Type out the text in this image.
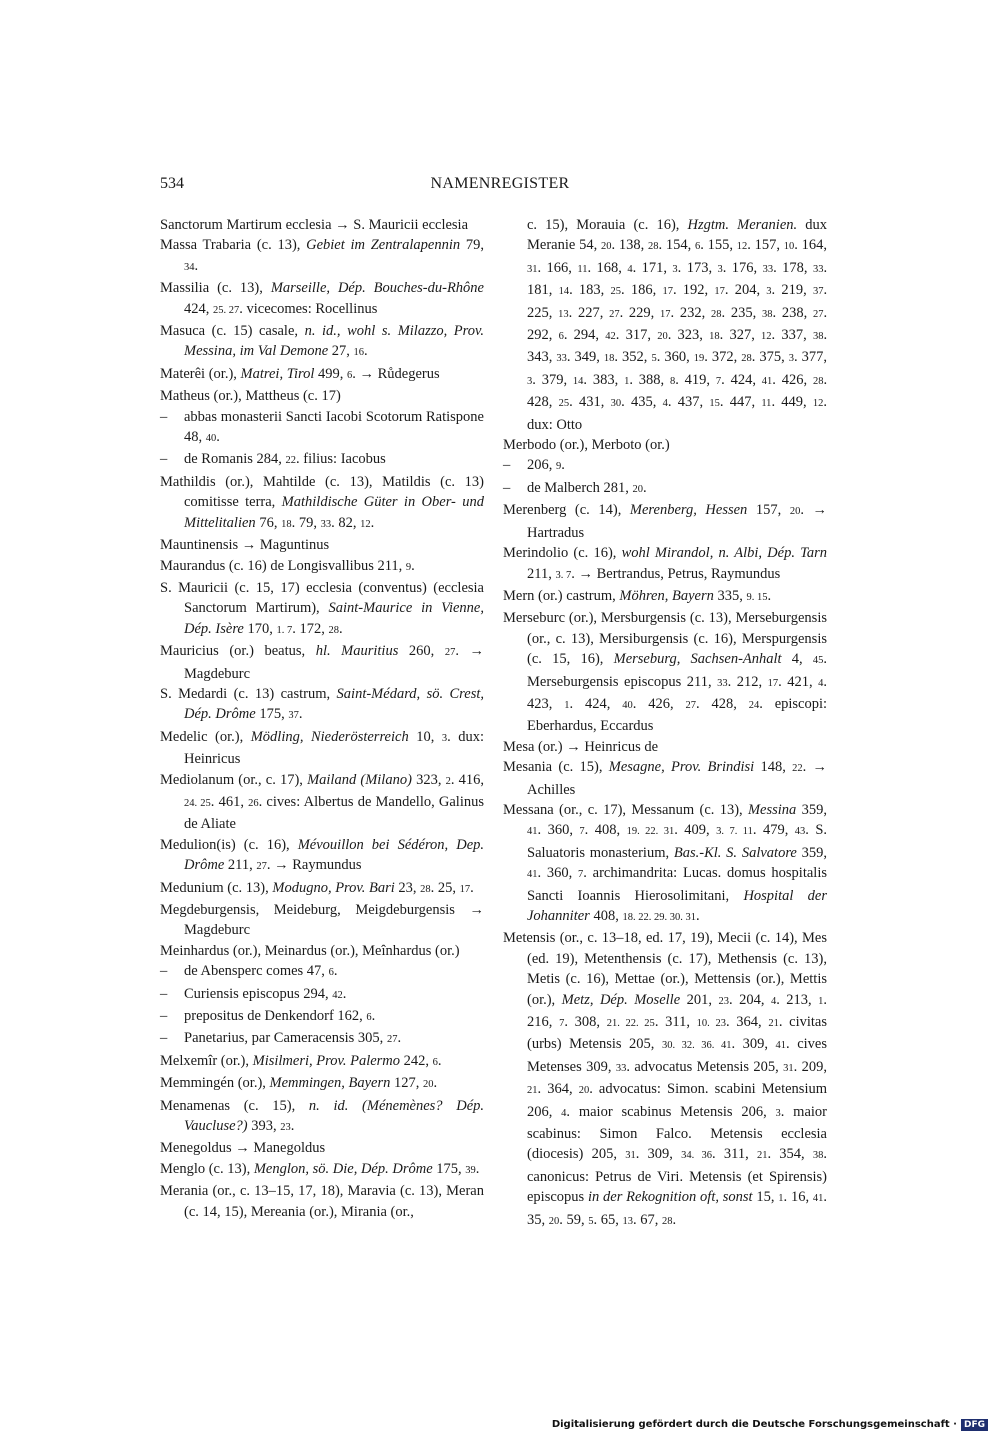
534	NAMENREGISTER
Sanctorum Martirum ecclesia → S. Mauricii ecclesia
Massa Trabaria (c. 13), Gebiet im Zentralapennin 79, 34.
Massilia (c. 13), Marseille, Dép. Bouches-du-Rhône 424, 25. 27. vicecomes: Rocellinus
Masuca (c. 15) casale, n. id., wohl s. Milazzo, Prov. Messina, im Val Demone 27, 16.
Materêi (or.), Matrei, Tirol 499, 6. → Růdegerus
Matheus (or.), Mattheus (c. 17)
– abbas monasterii Sancti Iacobi Scotorum Ratispone 48, 40.
– de Romanis 284, 22. filius: Iacobus
Mathildis (or.), Mahtilde (c. 13), Matildis (c. 13) comitisse terra, Mathildische Güter in Ober- und Mittelitalien 76, 18. 79, 33. 82, 12.
Mauntinensis → Maguntinus
Maurandus (c. 16) de Longisvallibus 211, 9.
S. Mauricii (c. 15, 17) ecclesia (conventus) (ecclesia Sanctorum Martirum), Saint-Maurice in Vienne, Dép. Isère 170, 1. 7. 172, 28.
Mauricius (or.) beatus, hl. Mauritius 260, 27. → Magdeburc
S. Medardi (c. 13) castrum, Saint-Médard, sö. Crest, Dép. Drôme 175, 37.
Medelic (or.), Mödling, Niederösterreich 10, 3. dux: Heinricus
Mediolanum (or., c. 17), Mailand (Milano) 323, 2. 416, 24. 25. 461, 26. cives: Albertus de Mandello, Galinus de Aliate
Medulion(is) (c. 16), Mévouillon bei Sédéron, Dep. Drôme 211, 27. → Raymundus
Medunium (c. 13), Modugno, Prov. Bari 23, 28. 25, 17.
Megdeburgensis, Meideburg, Meigdeburgensis → Magdeburc
Meinhardus (or.), Meinardus (or.), Meînhardus (or.)
– de Abensperc comes 47, 6.
– Curiensis episcopus 294, 42.
– prepositus de Denkendorf 162, 6.
– Panetarius, par Cameracensis 305, 27.
Melxemîr (or.), Misilmeri, Prov. Palermo 242, 6.
Memmingén (or.), Memmingen, Bayern 127, 20.
Menamenas (c. 15), n. id. (Ménemènes? Dép. Vaucluse?) 393, 23.
Menegoldus → Manegoldus
Menglo (c. 13), Menglon, sö. Die, Dép. Drôme 175, 39.
Merania (or., c. 13–15, 17, 18), Maravia (c. 13), Meran (c. 14, 15), Mereania (or.), Mirania (or.,
c. 15), Morauia (c. 16), Hzgtm. Meranien. dux Meranie 54, 20. 138, 28. 154, 6. 155, 12. 157, 10. 164, 31. 166, 11. 168, 4. 171, 3. 173, 3. 176, 33. 178, 33. 181, 14. 183, 25. 186, 17. 192, 17. 204, 3. 219, 37. 225, 13. 227, 27. 229, 17. 232, 28. 235, 38. 238, 27. 292, 6. 294, 42. 317, 20. 323, 18. 327, 12. 337, 38. 343, 33. 349, 18. 352, 5. 360, 19. 372, 28. 375, 3. 377, 3. 379, 14. 383, 1. 388, 8. 419, 7. 424, 41. 426, 28. 428, 25. 431, 30. 435, 4. 437, 15. 447, 11. 449, 12. dux: Otto
Merbodo (or.), Merboto (or.)
– 206, 9.
– de Malberch 281, 20.
Merenberg (c. 14), Merenberg, Hessen 157, 20. → Hartradus
Merindolio (c. 16), wohl Mirandol, n. Albi, Dép. Tarn 211, 3. 7. → Bertrandus, Petrus, Raymundus
Mern (or.) castrum, Möhren, Bayern 335, 9. 15.
Merseburc (or.), Mersburgensis (c. 13), Merseburgensis (or., c. 13), Mersiburgensis (c. 16), Merspurgensis (c. 15, 16), Merseburg, Sachsen-Anhalt 4, 45. Merseburgensis episcopus 211, 33. 212, 17. 421, 4. 423, 1. 424, 40. 426, 27. 428, 24. episcopi: Eberhardus, Eccardus
Mesa (or.) → Heinricus de
Mesania (c. 15), Mesagne, Prov. Brindisi 148, 22. → Achilles
Messana (or., c. 17), Messanum (c. 13), Messina 359, 41. 360, 7. 408, 19. 22. 31. 409, 3. 7. 11. 479, 43. S. Saluatoris monasterium, Bas.-Kl. S. Salvatore 359, 41. 360, 7. archimandrita: Lucas. domus hospitalis Sancti Ioannis Hierosolimitani, Hospital der Johanniter 408, 18. 22. 29. 30. 31.
Metensis (or., c. 13–18, ed. 17, 19), Mecii (c. 14), Mes (ed. 19), Metenthensis (c. 17), Methensis (c. 13), Metis (c. 16), Mettae (or.), Mettensis (or.), Mettis (or.), Metz, Dép. Moselle 201, 23. 204, 4. 213, 1. 216, 7. 308, 21. 22. 25. 311, 10. 23. 364, 21. civitas (urbs) Metensis 205, 30. 32. 36. 41. 309, 41. cives Metenses 309, 33. advocatus Metensis 205, 31. 209, 21. 364, 20. advocatus: Simon. scabini Metensium 206, 4. maior scabinus Metensis 206, 3. maior scabinus: Simon Falco. Metensis ecclesia (diocesis) 205, 31. 309, 34. 36. 311, 21. 354, 38. canonicus: Petrus de Viri. Metensis (et Spirensis) episcopus in der Rekognition oft, sonst 15, 1. 16, 41. 35, 20. 59, 5. 65, 13. 67, 28.
Digitalisierung gefördert durch die Deutsche Forschungsgemeinschaft · DFG
